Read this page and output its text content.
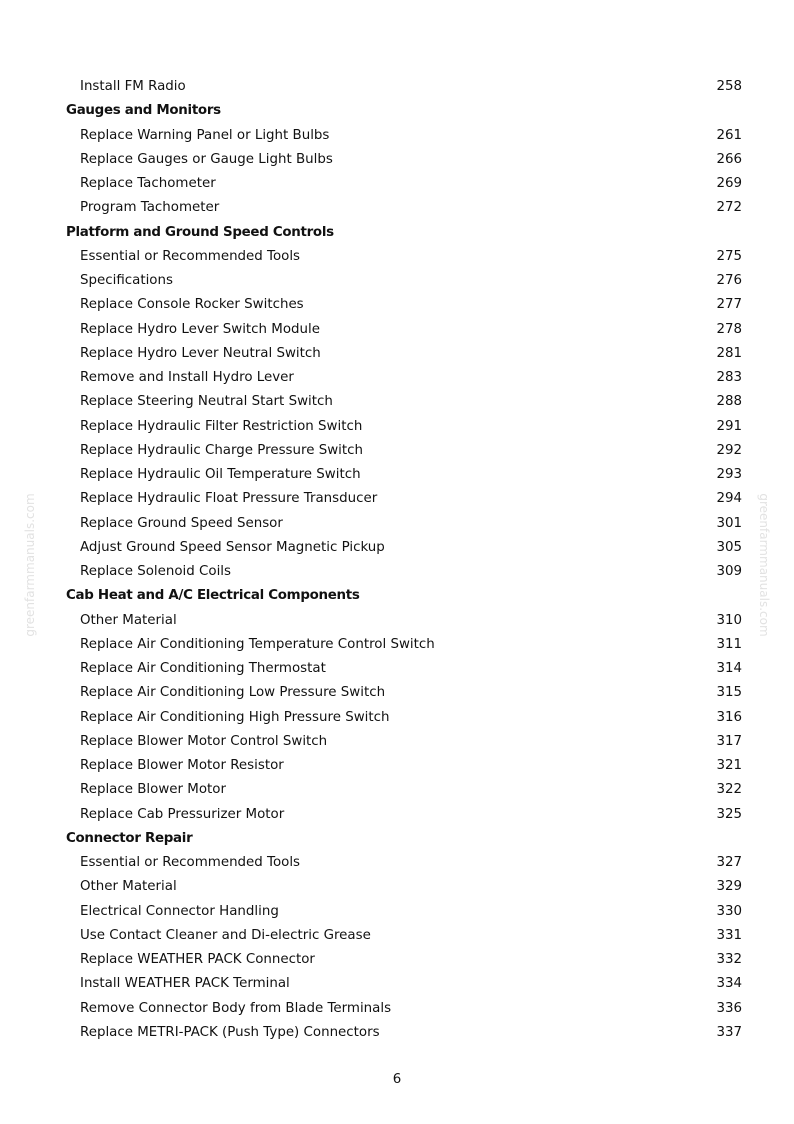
Install FM Radio	258
Gauges and Monitors
Replace Warning Panel or Light Bulbs	261
Replace Gauges or Gauge Light Bulbs	266
Replace Tachometer	269
Program Tachometer	272
Platform and Ground Speed Controls
Essential or Recommended Tools	275
Specifications	276
Replace Console Rocker Switches	277
Replace Hydro Lever Switch Module	278
Replace Hydro Lever Neutral Switch	281
Remove and Install Hydro Lever	283
Replace Steering Neutral Start Switch	288
Replace Hydraulic Filter Restriction Switch	291
Replace Hydraulic Charge Pressure Switch	292
Replace Hydraulic Oil Temperature Switch	293
Replace Hydraulic Float Pressure Transducer	294
Replace Ground Speed Sensor	301
Adjust Ground Speed Sensor Magnetic Pickup	305
Replace Solenoid Coils	309
Cab Heat and A/C Electrical Components
Other Material	310
Replace Air Conditioning Temperature Control Switch	311
Replace Air Conditioning Thermostat	314
Replace Air Conditioning Low Pressure Switch	315
Replace Air Conditioning High Pressure Switch	316
Replace Blower Motor Control Switch	317
Replace Blower Motor Resistor	321
Replace Blower Motor	322
Replace Cab Pressurizer Motor	325
Connector Repair
Essential or Recommended Tools	327
Other Material	329
Electrical Connector Handling	330
Use Contact Cleaner and Di-electric Grease	331
Replace WEATHER PACK Connector	332
Install WEATHER PACK Terminal	334
Remove Connector Body from Blade Terminals	336
Replace METRI-PACK (Push Type) Connectors	337
greenfarmmanuals.com	greenfarmmanuals.com
6
